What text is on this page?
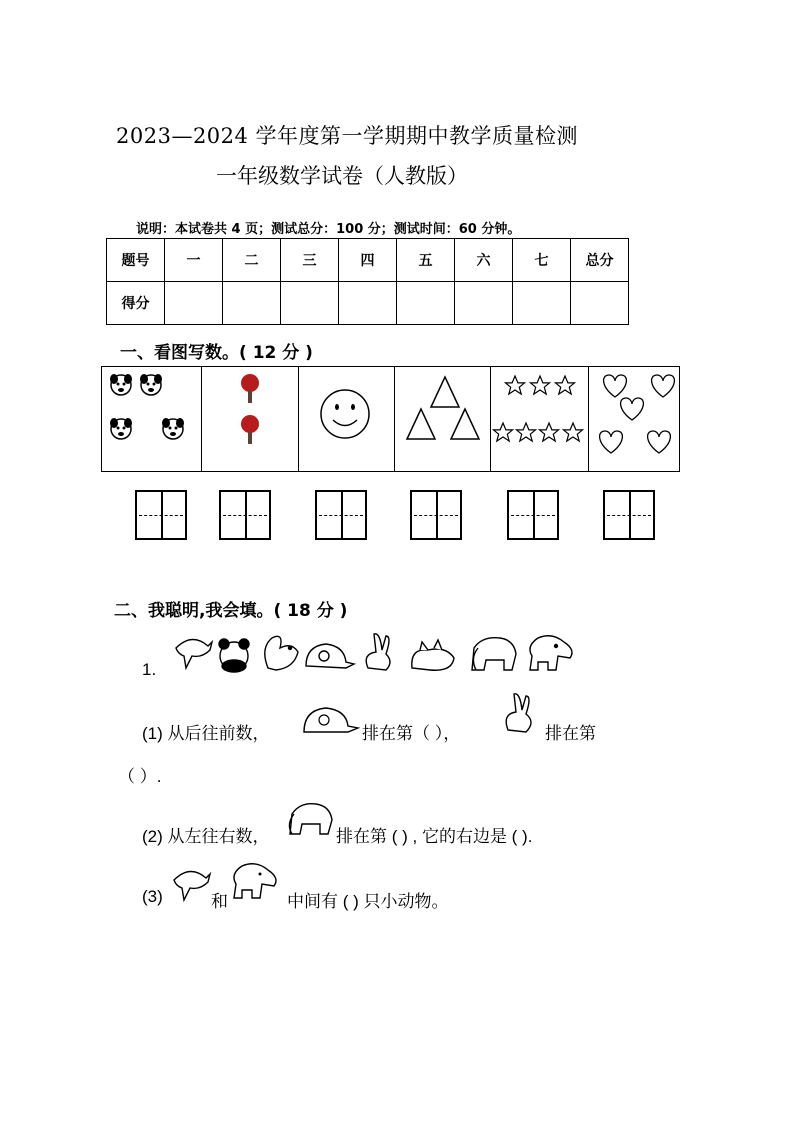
2023—2024 学年度第一学期期中教学质量检测
一年级数学试卷（人教版）
说明：本试卷共 4 页；测试总分：100 分；测试时间：60 分钟。
题号	一	二	三	四	五	六	七	总分
得分								
一、看图写数。( 12 分 )
二、我聪明,我会填。( 18 分 )
1.
(1) 从后往前数，	排在第（ ），	排在第
（ ）.
(2) 从左往右数，	排在第 ( ) , 它的右边是 ( ).
(3)	和	中间有 ( ) 只小动物。
